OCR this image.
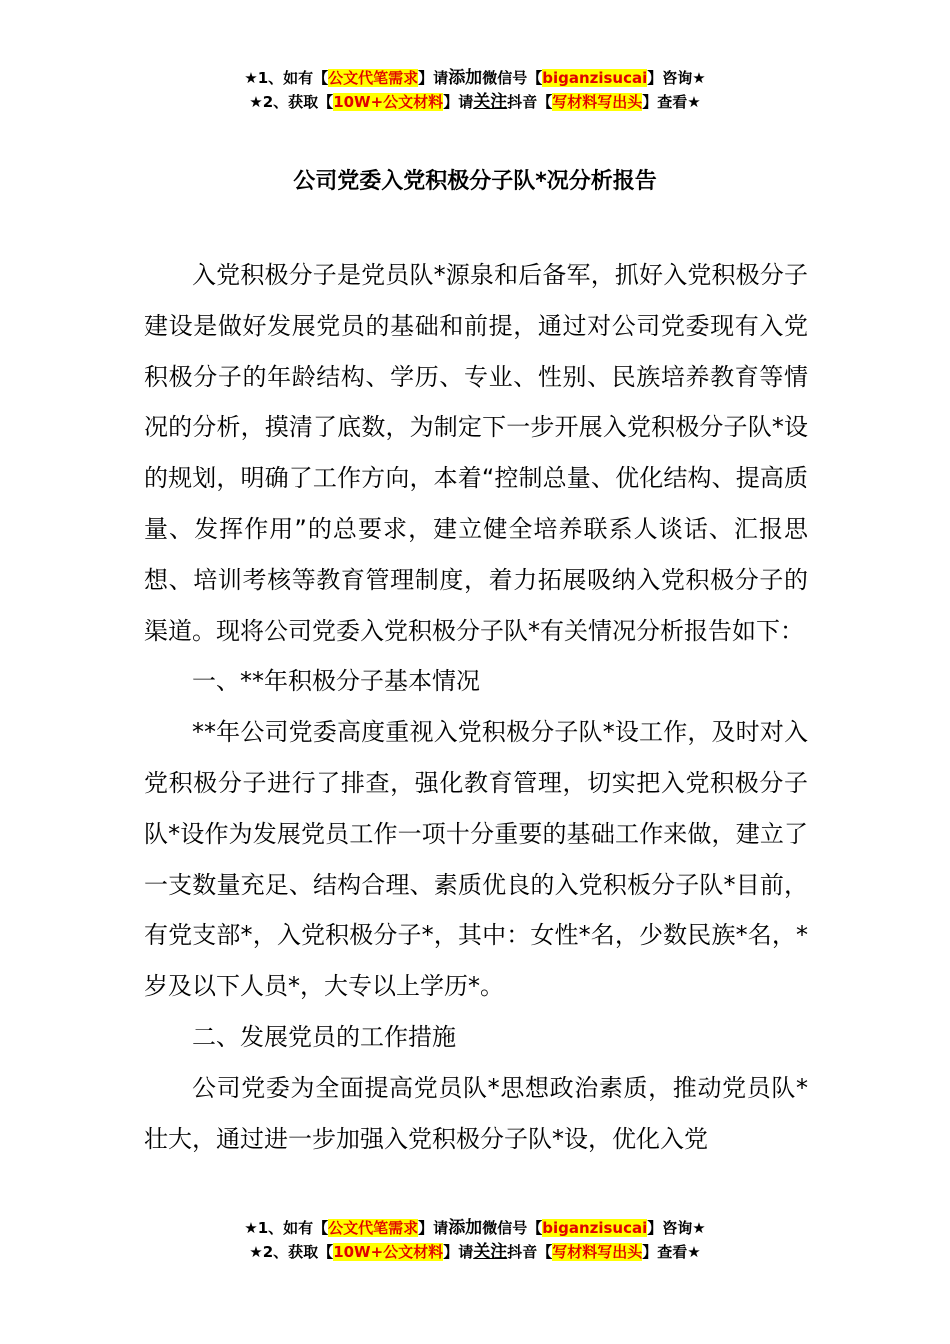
★1、如有【公文代笔需求】请添加微信号【biganzisucai】咨询★
★2、获取【10W+公文材料】请关注抖音【写材料写出头】查看★
公司党委入党积极分子队*况分析报告

入党积极分子是党员队*源泉和后备军，抓好入党积极分子建设是做好发展党员的基础和前提，通过对公司党委现有入党积极分子的年龄结构、学历、专业、性别、民族培养教育等情况的分析，摸清了底数，为制定下一步开展入党积极分子队*设的规划，明确了工作方向，本着“控制总量、优化结构、提高质量、发挥作用”的总要求，建立健全培养联系人谈话、汇报思想、培训考核等教育管理制度，着力拓展吸纳入党积极分子的渠道。现将公司党委入党积极分子队*有关情况分析报告如下：

一、**年积极分子基本情况

**年公司党委高度重视入党积极分子队*设工作，及时对入党积极分子进行了排查，强化教育管理，切实把入党积极分子队*设作为发展党员工作一项十分重要的基础工作来做，建立了一支数量充足、结构合理、素质优良的入党积板分子队*目前，有党支部*，入党积极分子*，其中：女性*名，少数民族*名，*岁及以下人员*，大专以上学历*。

二、发展党员的工作措施

公司党委为全面提高党员队*思想政治素质，推动党员队*壮大，通过进一步加强入党积极分子队*设，优化入党

★1、如有【公文代笔需求】请添加微信号【biganzisucai】咨询★
★2、获取【10W+公文材料】请关注抖音【写材料写出头】查看★
